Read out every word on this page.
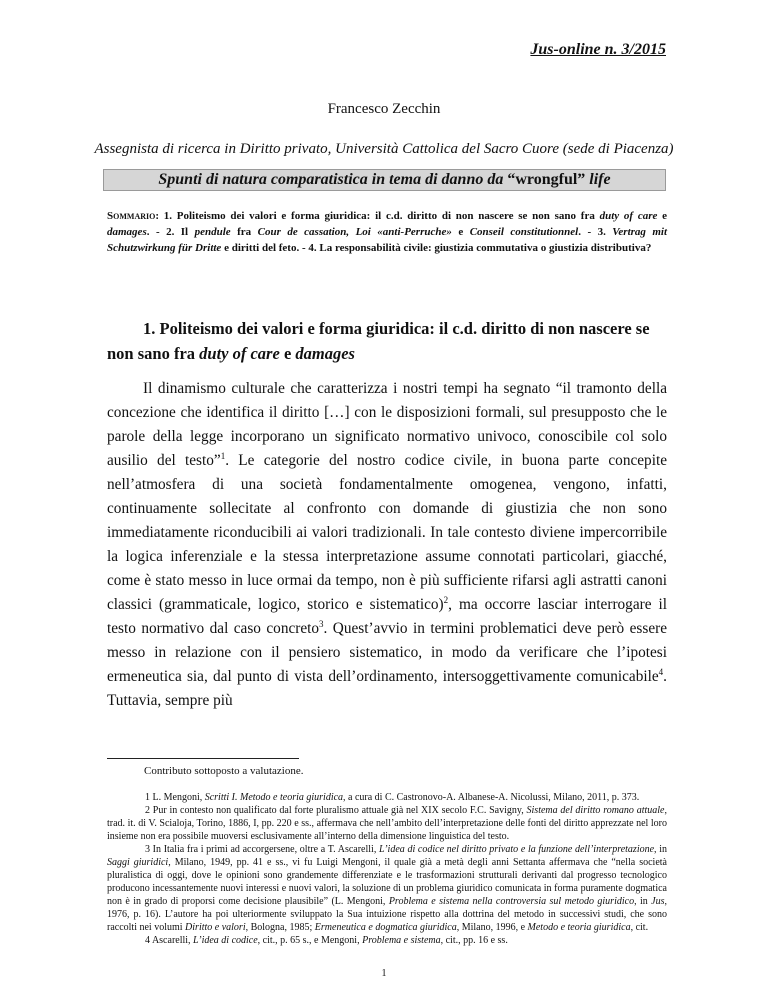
Jus-online n. 3/2015
Francesco Zecchin
Assegnista di ricerca in Diritto privato, Università Cattolica del Sacro Cuore (sede di Piacenza)
Spunti di natura comparatistica in tema di danno da “wrongful” life
Sommario: 1. Politeismo dei valori e forma giuridica: il c.d. diritto di non nascere se non sano fra duty of care e damages. - 2. Il pendule fra Cour de cassation, Loi «anti-Perruche» e Conseil constitutionnel. - 3. Vertrag mit Schutzwirkung für Dritte e diritti del feto. - 4. La responsabilità civile: giustizia commutativa o giustizia distributiva?
1. Politeismo dei valori e forma giuridica: il c.d. diritto di non nascere se non sano fra duty of care e damages
Il dinamismo culturale che caratterizza i nostri tempi ha segnato “il tramonto della concezione che identifica il diritto […] con le disposizioni formali, sul presupposto che le parole della legge incorporano un significato normativo univoco, conoscibile col solo ausilio del testo”$^1$. Le categorie del nostro codice civile, in buona parte concepite nell’atmosfera di una società fondamentalmente omogenea, vengono, infatti, continuamente sollecitate al confronto con domande di giustizia che non sono immediatamente riconducibili ai valori tradizionali. In tale contesto diviene impercorribile la logica inferenziale e la stessa interpretazione assume connotati particolari, giacché, come è stato messo in luce ormai da tempo, non è più sufficiente rifarsi agli astratti canoni classici (grammaticale, logico, storico e sistematico)$^2$, ma occorre lasciar interrogare il testo normativo dal caso concreto$^3$. Quest’avvio in termini problematici deve però essere messo in relazione con il pensiero sistematico, in modo da verificare che l’ipotesi ermeneutica sia, dal punto di vista dell’ordinamento, intersoggettivamente comunicabile$^4$. Tuttavia, sempre più
Contributo sottoposto a valutazione.

1 L. Mengoni, Scritti I. Metodo e teoria giuridica, a cura di C. Castronovo-A. Albanese-A. Nicolussi, Milano, 2011, p. 373.

2 Pur in contesto non qualificato dal forte pluralismo attuale già nel XIX secolo F.C. Savigny, Sistema del diritto romano attuale, trad. it. di V. Scialoja, Torino, 1886, I, pp. 220 e ss., affermava che nell’ambito dell’interpretazione delle fonti del diritto apprezzate nel loro insieme non era possibile muoversi esclusivamente all’interno della dimensione linguistica del testo.

3 In Italia fra i primi ad accorgersene, oltre a T. Ascarelli, L’idea di codice nel diritto privato e la funzione dell’interpretazione, in Saggi giuridici, Milano, 1949, pp. 41 e ss., vi fu Luigi Mengoni, il quale già a metà degli anni Settanta affermava che “nella società pluralistica di oggi, dove le opinioni sono grandemente differenziate e le trasformazioni strutturali derivanti dal progresso tecnologico producono incessantemente nuovi interessi e nuovi valori, la soluzione di un problema giuridico comunicata in forma puramente dogmatica non è in grado di proporsi come decisione plausibile” (L. Mengoni, Problema e sistema nella controversia sul metodo giuridico, in Jus, 1976, p. 16). L’autore ha poi ulteriormente sviluppato la Sua intuizione rispetto alla dottrina del metodo in successivi studi, che sono raccolti nei volumi Diritto e valori, Bologna, 1985; Ermeneutica e dogmatica giuridica, Milano, 1996, e Metodo e teoria giuridica, cit.

4 Ascarelli, L’idea di codice, cit., p. 65 s., e Mengoni, Problema e sistema, cit., pp. 16 e ss.

1
